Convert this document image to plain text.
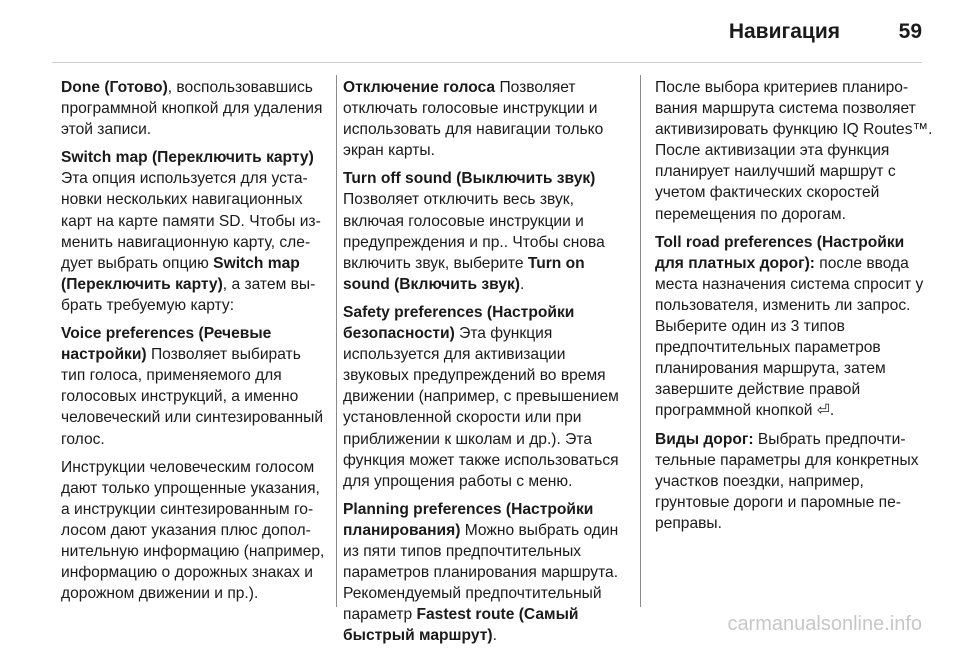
Навигация	59

Done (Готово), воспользовавшись программной кнопкой для удаления этой записи.

Switch map (Переключить карту) Эта опция используется для установки нескольких навигационных карт на карте памяти SD. Чтобы изменить навигационную карту, следует выбрать опцию Switch map (Переключить карту), а затем выбрать требуемую карту:

Voice preferences (Речевые настройки) Позволяет выбирать тип голоса, применяемого для голосовых инструкций, а именно человеческий или синтезированный голос.

Инструкции человеческим голосом дают только упрощенные указания, а инструкции синтезированным голосом дают указания плюс дополнительную информацию (например, информацию о дорожных знаках и дорожном движении и пр.).

Отключение голоса Позволяет отключать голосовые инструкции и использовать для навигации только экран карты.

Turn off sound (Выключить звук) Позволяет отключить весь звук, включая голосовые инструкции и предупреждения и пр.. Чтобы снова включить звук, выберите Turn on sound (Включить звук).

Safety preferences (Настройки безопасности) Эта функция используется для активизации звуковых предупреждений во время движении (например, с превышением установленной скорости или при приближении к школам и др.). Эта функция может также использоваться для упрощения работы с меню.

Planning preferences (Настройки планирования) Можно выбрать один из пяти типов предпочтительных параметров планирования маршрута. Рекомендуемый предпочтительный параметр Fastest route (Самый быстрый маршрут).

После выбора критериев планирования маршрута система позволяет активизировать функцию IQ Routes™. После активизации эта функция планирует наилучший маршрут с учетом фактических скоростей перемещения по дорогам.

Toll road preferences (Настройки для платных дорог): после ввода места назначения система спросит у пользователя, изменить ли запрос. Выберите один из 3 типов предпочтительных параметров планирования маршрута, затем завершите действие правой программной кнопкой ⏎.

Виды дорог: Выбрать предпочтительные параметры для конкретных участков поездки, например, грунтовые дороги и паромные переправы.

carmanualsonline.info
